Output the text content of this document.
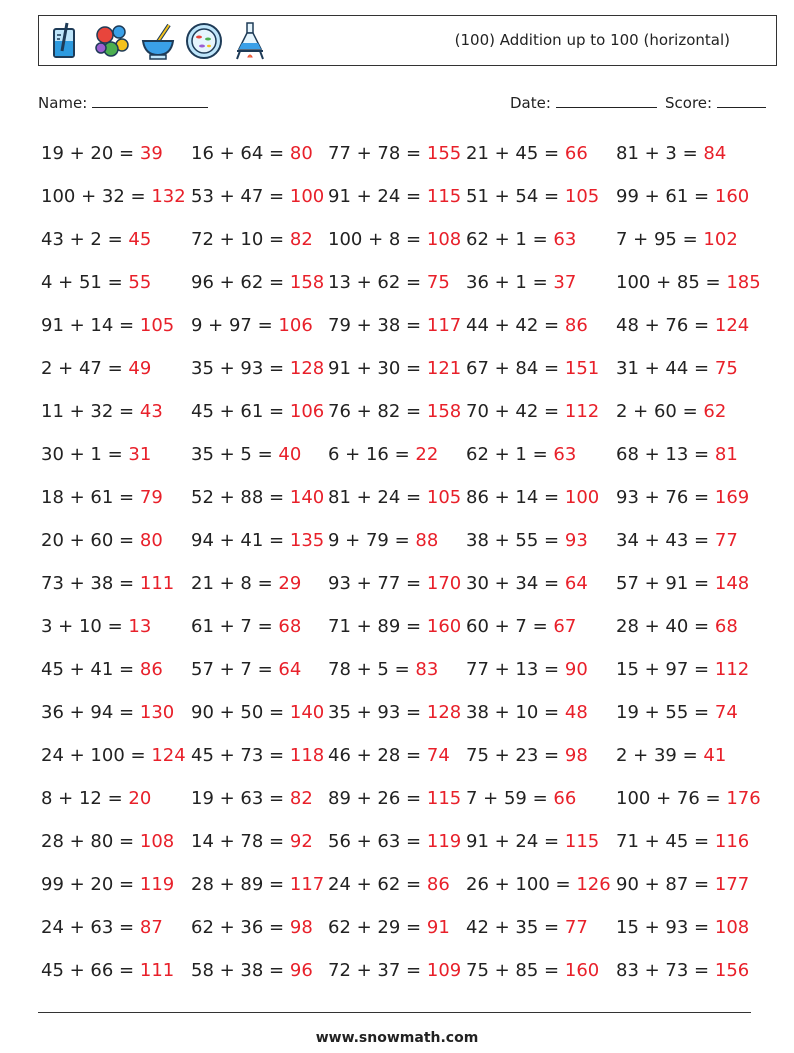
(100) Addition up to 100 (horizontal)
Name:	Date:	Score:
19 + 20 = 39 16 + 64 = 80 77 + 78 = 155 21 + 45 = 66 81 + 3 = 84
100 + 32 = 132 53 + 47 = 100 91 + 24 = 115 51 + 54 = 105 99 + 61 = 160
43 + 2 = 45 72 + 10 = 82 100 + 8 = 108 62 + 1 = 63 7 + 95 = 102
4 + 51 = 55 96 + 62 = 158 13 + 62 = 75 36 + 1 = 37 100 + 85 = 185
91 + 14 = 105 9 + 97 = 106 79 + 38 = 117 44 + 42 = 86 48 + 76 = 124
2 + 47 = 49 35 + 93 = 128 91 + 30 = 121 67 + 84 = 151 31 + 44 = 75
11 + 32 = 43 45 + 61 = 106 76 + 82 = 158 70 + 42 = 112 2 + 60 = 62
30 + 1 = 31 35 + 5 = 40 6 + 16 = 22 62 + 1 = 63 68 + 13 = 81
18 + 61 = 79 52 + 88 = 140 81 + 24 = 105 86 + 14 = 100 93 + 76 = 169
20 + 60 = 80 94 + 41 = 135 9 + 79 = 88 38 + 55 = 93 34 + 43 = 77
73 + 38 = 111 21 + 8 = 29 93 + 77 = 170 30 + 34 = 64 57 + 91 = 148
3 + 10 = 13 61 + 7 = 68 71 + 89 = 160 60 + 7 = 67 28 + 40 = 68
45 + 41 = 86 57 + 7 = 64 78 + 5 = 83 77 + 13 = 90 15 + 97 = 112
36 + 94 = 130 90 + 50 = 140 35 + 93 = 128 38 + 10 = 48 19 + 55 = 74
24 + 100 = 124 45 + 73 = 118 46 + 28 = 74 75 + 23 = 98 2 + 39 = 41
8 + 12 = 20 19 + 63 = 82 89 + 26 = 115 7 + 59 = 66 100 + 76 = 176
28 + 80 = 108 14 + 78 = 92 56 + 63 = 119 91 + 24 = 115 71 + 45 = 116
99 + 20 = 119 28 + 89 = 117 24 + 62 = 86 26 + 100 = 126 90 + 87 = 177
24 + 63 = 87 62 + 36 = 98 62 + 29 = 91 42 + 35 = 77 15 + 93 = 108
45 + 66 = 111 58 + 38 = 96 72 + 37 = 109 75 + 85 = 160 83 + 73 = 156
www.snowmath.com
